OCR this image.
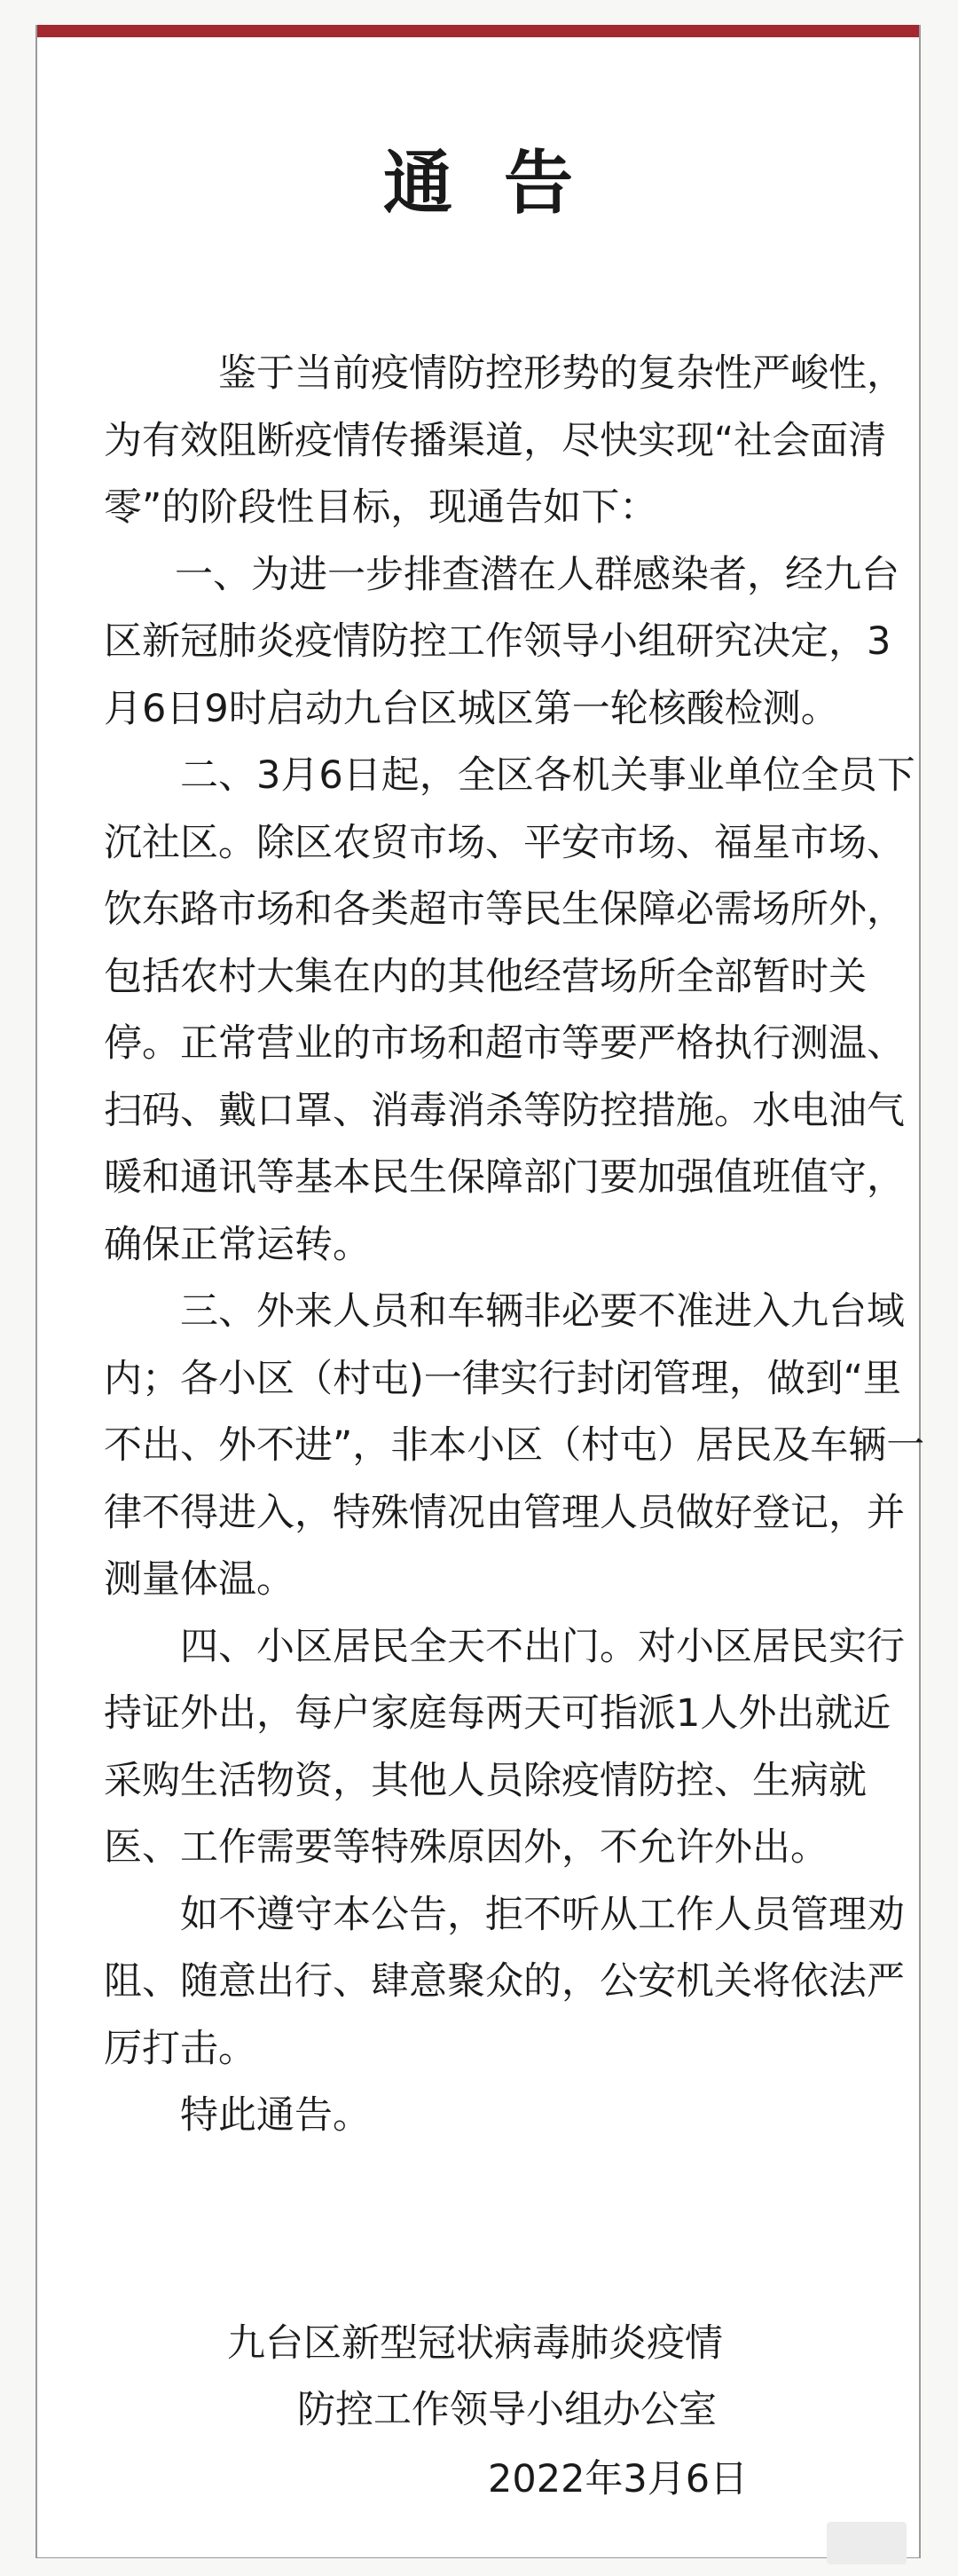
通告

鉴于当前疫情防控形势的复杂性严峻性，为有效阻断疫情传播渠道，尽快实现“社会面清零”的阶段性目标，现通告如下：

一、为进一步排查潜在人群感染者，经九台区新冠肺炎疫情防控工作领导小组研究决定，3月6日9时启动九台区城区第一轮核酸检测。

二、3月6日起，全区各机关事业单位全员下沉社区。除区农贸市场、平安市场、福星市场、饮东路市场和各类超市等民生保障必需场所外，包括农村大集在内的其他经营场所全部暂时关停。正常营业的市场和超市等要严格执行测温、扫码、戴口罩、消毒消杀等防控措施。水电油气暖和通讯等基本民生保障部门要加强值班值守，确保正常运转。

三、外来人员和车辆非必要不准进入九台域内；各小区（村屯)一律实行封闭管理，做到“里不出、外不进”，非本小区（村屯）居民及车辆一律不得进入，特殊情况由管理人员做好登记，并测量体温。

四、小区居民全天不出门。对小区居民实行持证外出，每户家庭每两天可指派1人外出就近采购生活物资，其他人员除疫情防控、生病就医、工作需要等特殊原因外，不允许外出。

如不遵守本公告，拒不听从工作人员管理劝阻、随意出行、肆意聚众的，公安机关将依法严厉打击。

特此通告。

九台区新型冠状病毒肺炎疫情
防控工作领导小组办公室
2022年3月6日
